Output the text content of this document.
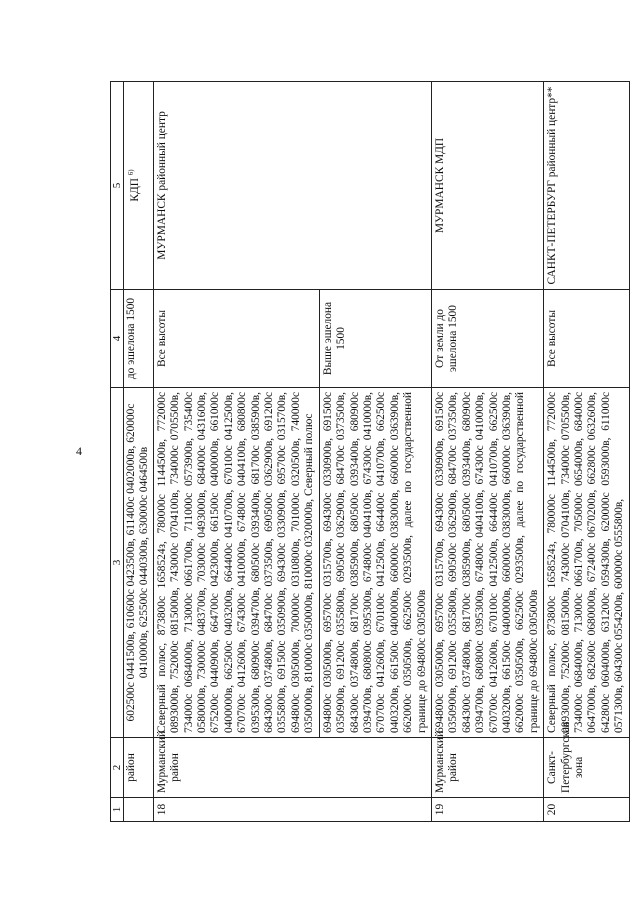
4
1	2	3	4	5
	район	602500с 0441500в, 610600с 0423500в, 611400с 0402000в, 620000с 0410000в, 625500с 0440300в, 630000с 0464500в	до эшелона 1500	КДП $^{6)}$
18	Мурманский район	Северный полюс, 873800с 1658524з, 780000с 1144500в, 772000с 0893000в, 752000с 0815000в, 743000с 0704100в, 734000с 0705500в, 734000с 0684000в, 713000с 0661700в, 711000с 0573900в, 735400с 0580000в, 730000с 0483700в, 703000с 0493000в, 684000с 0431600в, 675200с 0440900в, 664700с 0423000в, 661500с 0400000в, 661000с 0400000в, 662500с 0403200в, 664400с 0410700в, 670100с 0412500в, 670700с 0412600в, 674300с 0410000в, 674800с 0404100в, 680800с 0395300в, 680900с 0394700в, 680500с 0393400в, 681700с 0385900в, 684300с 0374800в, 684700с 0373500в, 690500с 0362900в, 691200с 0355800в, 691500с 0350900в, 694300с 0330900в, 695700с 0315700в, 694800с 0305000в, 700000с 0310800в, 701000с 0320500в, 740000с 0350000в, 810000с 0350000в, 810000с 0320000в, Северный полюс	Все высоты	МУРМАНСК районный центр
		694800с 0305000в, 695700с 0315700в, 694300с 0330900в, 691500с 0350900в, 691200с 0355800в, 690500с 0362900в, 684700с 0373500в, 684300с 0374800в, 681700с 0385900в, 680500с 0393400в, 680900с 0394700в, 680800с 0395300в, 674800с 0404100в, 674300с 0410000в, 670700с 0412600в, 670100с 0412500в, 664400с 0410700в, 662500с 0403200в, 661500с 0400000в, 660000с 0383000в, 660000с 0363900в, 662000с 0350500в, 662500с 0293500в, далее по государственной границе до 694800с 0305000в	Выше эшелона 1500	
19	Мурманский район	694800с 0305000в, 695700с 0315700в, 694300с 0330900в, 691500с 0350900в, 691200с 0355800в, 690500с 0362900в, 684700с 0373500в, 684300с 0374800в, 681700с 0385900в, 680500с 0393400в, 680900с 0394700в, 680800с 0395300в, 674800с 0404100в, 674300с 0410000в, 670700с 0412600в, 670100с 0412500в, 664400с 0410700в, 662500с 0403200в, 661500с 0400000в, 660000с 0383000в, 660000с 0363900в, 662000с 0350500в, 662500с 0293500в, далее по государственной границе до 694800с 0305000в	От земли до эшелона 1500	МУРМАНСК МДП
20	Санкт-Петербургская зона	Северный полюс, 873800с 1658524з, 780000с 1144500в, 772000с 0893000в, 752000с 0815000в, 743000с 0704100в, 734000с 0705500в, 734000с 0684000в, 713000с 0661700в, 705000с 0654000в, 684000с 0647000в, 682600с 0680000в, 672400с 0670200в, 662800с 0632600в, 642800с 0604000в, 631200с 0594300в, 620000с 0593000в, 611000с 0571300в, 604300с 0554200в, 600000с 0555800в,	Все высоты	САНКТ-ПЕТЕРБУРГ районный центр**
